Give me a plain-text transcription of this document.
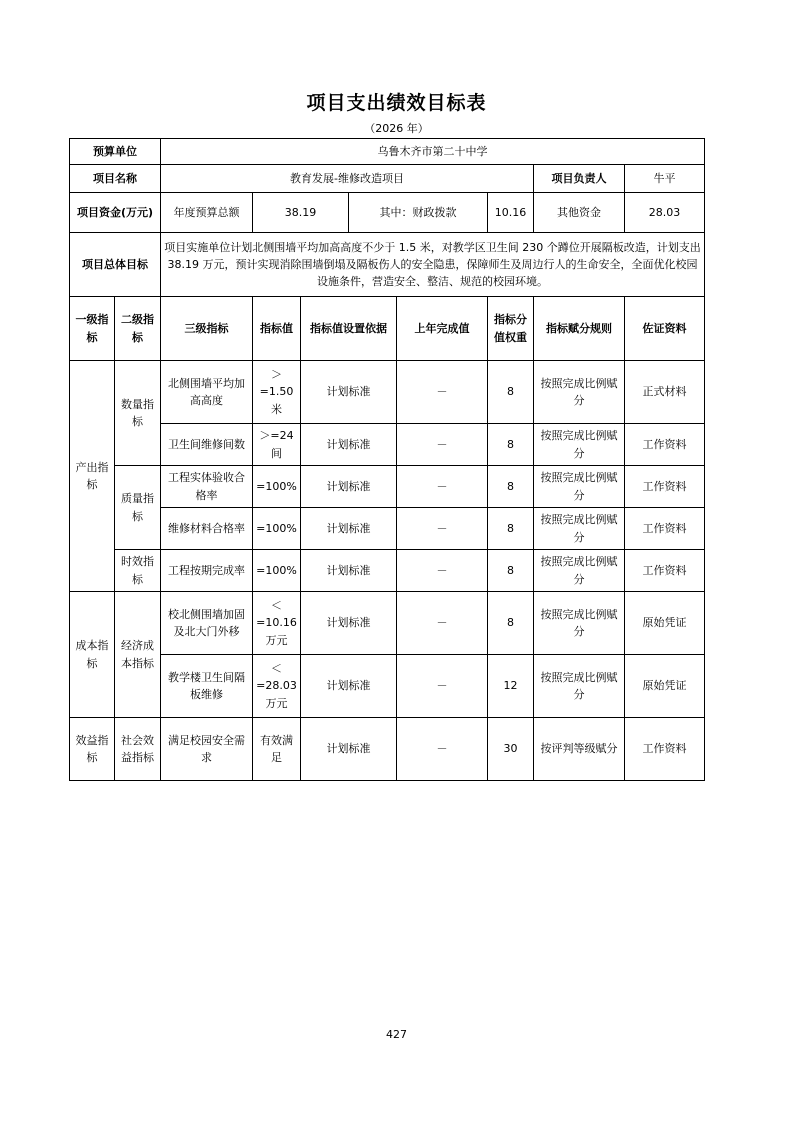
项目支出绩效目标表
（2026 年）
预算单位		乌鲁木齐市第二十中学							
项目名称		教育发展-维修改造项目						项目负责人	牛平
项目资金(万元)		年度预算总额	38.19		其中：财政拨款		10.16	其他资金	28.03
项目总体目标		项目实施单位计划北侧围墙平均加高高度不少于 1.5 米，对教学区卫生间 230 个蹲位开展隔板改造，计划支出 38.19 万元，预计实现消除围墙倒塌及隔板伤人的安全隐患，保障师生及周边行人的生命安全，全面优化校园设施条件，营造安全、整洁、规范的校园环境。							
一级指标	二级指标	三级指标	指标值	指标值设置依据		上年完成值	指标分值权重	指标赋分规则	佐证资料
产出指标	数量指标	北侧围墙平均加高高度	＞=1.50米	计划标准		－	8	按照完成比例赋分	正式材料
		卫生间维修间数	＞=24间	计划标准		－	8	按照完成比例赋分	工作资料
	质量指标	工程实体验收合格率	=100%	计划标准		－	8	按照完成比例赋分	工作资料
		维修材料合格率	=100%	计划标准		－	8	按照完成比例赋分	工作资料
	时效指标	工程按期完成率	=100%	计划标准		－	8	按照完成比例赋分	工作资料
成本指标	经济成本指标	校北侧围墙加固及北大门外移	＜=10.16万元	计划标准		－	8	按照完成比例赋分	原始凭证
		教学楼卫生间隔板维修	＜=28.03万元	计划标准		－	12	按照完成比例赋分	原始凭证
效益指标	社会效益指标	满足校园安全需求	有效满足	计划标准		－	30	按评判等级赋分	工作资料
427
